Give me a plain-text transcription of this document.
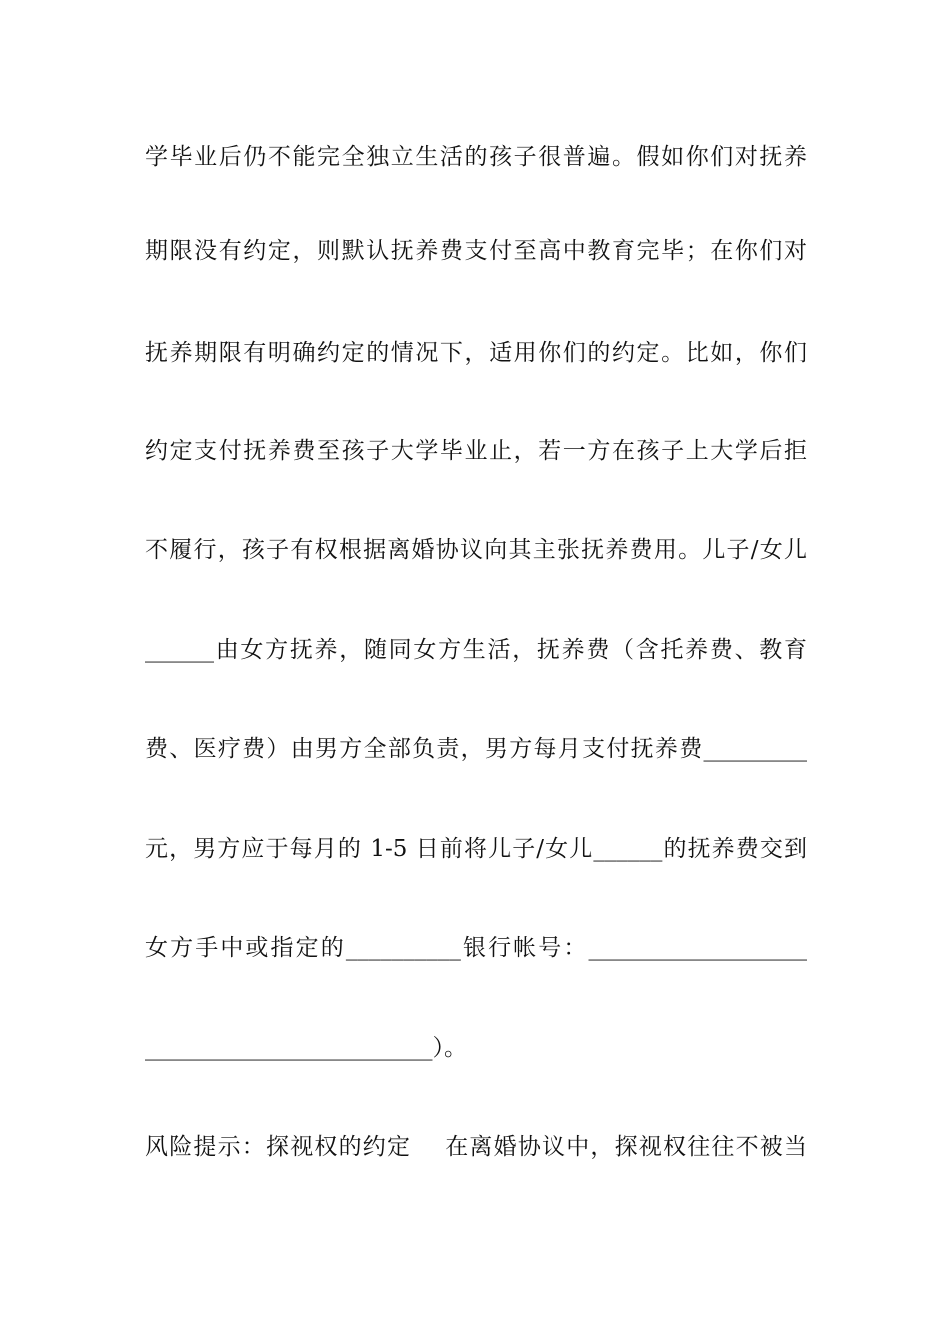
学毕业后仍不能完全独立生活的孩子很普遍。假如你们对抚养
期限没有约定，则默认抚养费支付至高中教育完毕；在你们对
抚养期限有明确约定的情况下，适用你们的约定。比如，你们
约定支付抚养费至孩子大学毕业止，若一方在孩子上大学后拒
不履行，孩子有权根据离婚协议向其主张抚养费用。儿子/女儿
______由女方抚养，随同女方生活，抚养费（含托养费、教育
费、医疗费）由男方全部负责，男方每月支付抚养费_________
元，男方应于每月的 1-5 日前将儿子/女儿______的抚养费交到
女方手中或指定的__________银行帐号：___________________
_________________________）。
风险提示：探视权的约定    在离婚协议中，探视权往往不被当
